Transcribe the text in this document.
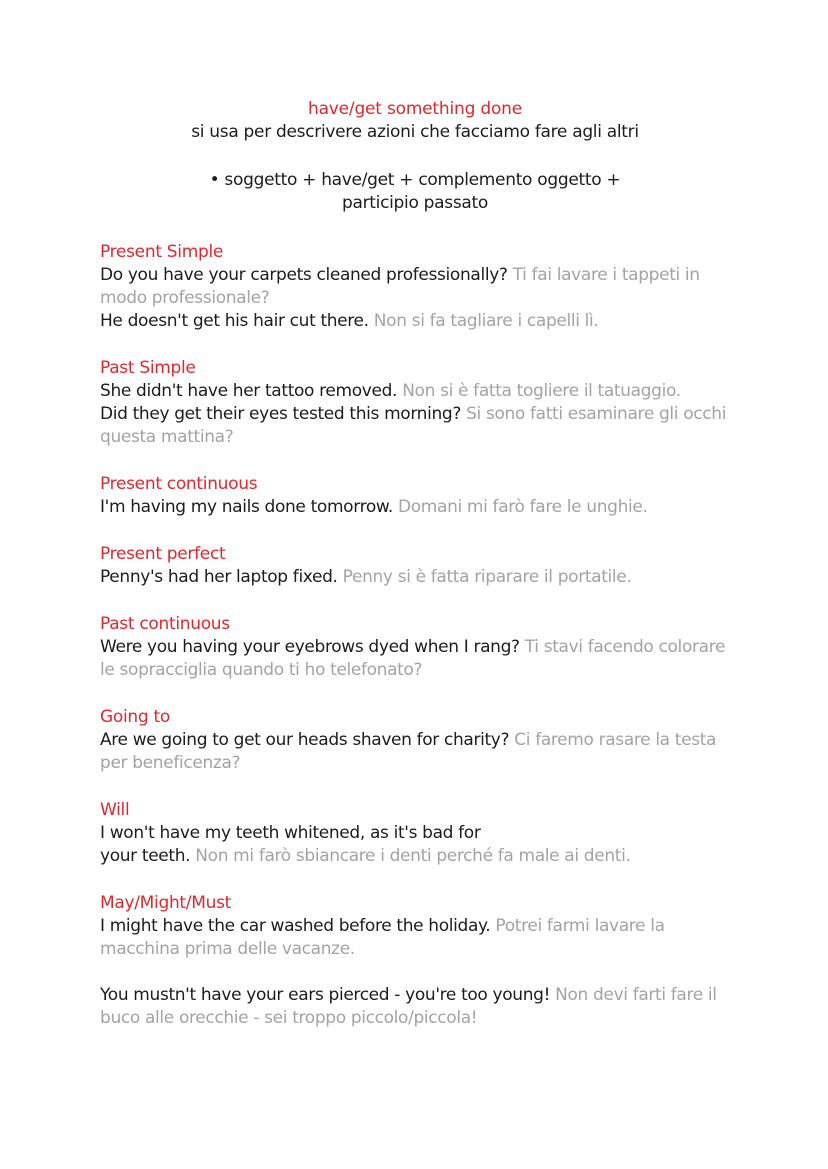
have/get something done
si usa per descrivere azioni che facciamo fare agli altri
• soggetto + have/get + complemento oggetto +
participio passato
Present Simple
Do you have your carpets cleaned professionally? Ti fai lavare i tappeti in modo professionale?
He doesn't get his hair cut there. Non si fa tagliare i capelli lì.
Past Simple
She didn't have her tattoo removed. Non si è fatta togliere il tatuaggio.
Did they get their eyes tested this morning? Si sono fatti esaminare gli occhi questa mattina?
Present continuous
I'm having my nails done tomorrow. Domani mi farò fare le unghie.
Present perfect
Penny's had her laptop fixed. Penny si è fatta riparare il portatile.
Past continuous
Were you having your eyebrows dyed when I rang? Ti stavi facendo colorare le sopracciglia quando ti ho telefonato?
Going to
Are we going to get our heads shaven for charity? Ci faremo rasare la testa per beneficenza?
Will
I won't have my teeth whitened, as it's bad for
your teeth. Non mi farò sbiancare i denti perché fa male ai denti.
May/Might/Must
I might have the car washed before the holiday. Potrei farmi lavare la macchina prima delle vacanze.
You mustn't have your ears pierced - you're too young! Non devi farti fare il buco alle orecchie - sei troppo piccolo/piccola!
